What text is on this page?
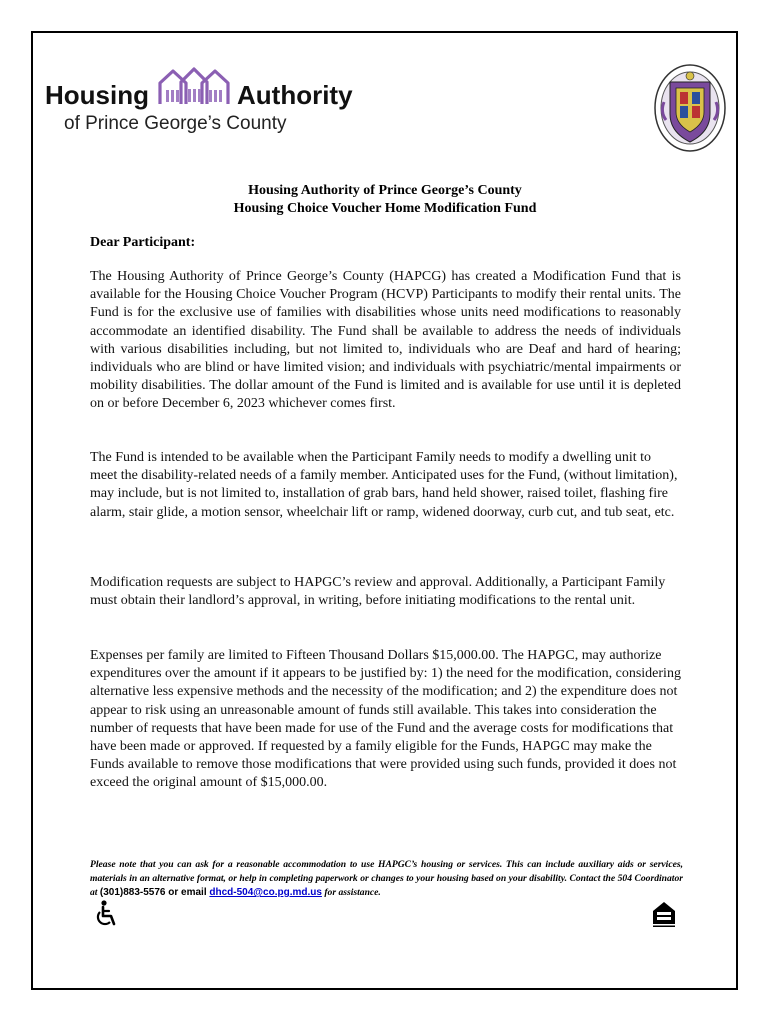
Housing	Authority
of Prince George’s County
Housing Authority of Prince George’s County
Housing Choice Voucher Home Modification Fund
Dear Participant:

The Housing Authority of Prince George’s County (HAPCG) has created a Modification Fund that is available for the Housing Choice Voucher Program (HCVP) Participants to modify their rental units. The Fund is for the exclusive use of families with disabilities whose units need modifications to reasonably accommodate an identified disability. The Fund shall be available to address the needs of individuals with various disabilities including, but not limited to, individuals who are Deaf and hard of hearing; individuals who are blind or have limited vision; and individuals with psychiatric/mental impairments or mobility disabilities. The dollar amount of the Fund is limited and is available for use until it is depleted on or before December 6, 2023 whichever comes first.

The Fund is intended to be available when the Participant Family needs to modify a dwelling unit to meet the disability-related needs of a family member. Anticipated uses for the Fund, (without limitation), may include, but is not limited to, installation of grab bars, hand held shower, raised toilet, flashing fire alarm, stair glide, a motion sensor, wheelchair lift or ramp, widened doorway, curb cut, and tub seat, etc.

Modification requests are subject to HAPGC’s review and approval. Additionally, a Participant Family must obtain their landlord’s approval, in writing, before initiating modifications to the rental unit.

Expenses per family are limited to Fifteen Thousand Dollars $15,000.00. The HAPGC, may authorize expenditures over the amount if it appears to be justified by: 1) the need for the modification, considering alternative less expensive methods and the necessity of the modification; and 2) the expenditure does not appear to risk using an unreasonable amount of funds still available. This takes into consideration the number of requests that have been made for use of the Fund and the average costs for modifications that have been made or approved. If requested by a family eligible for the Funds, HAPGC may make the Funds available to remove those modifications that were provided using such funds, provided it does not exceed the original amount of $15,000.00.

Please note that you can ask for a reasonable accommodation to use HAPGC’s housing or services. This can include auxiliary aids or services, materials in an alternative format, or help in completing paperwork or changes to your housing based on your disability. Contact the 504 Coordinator at (301)883-5576 or email dhcd-504@co.pg.md.us for assistance.
